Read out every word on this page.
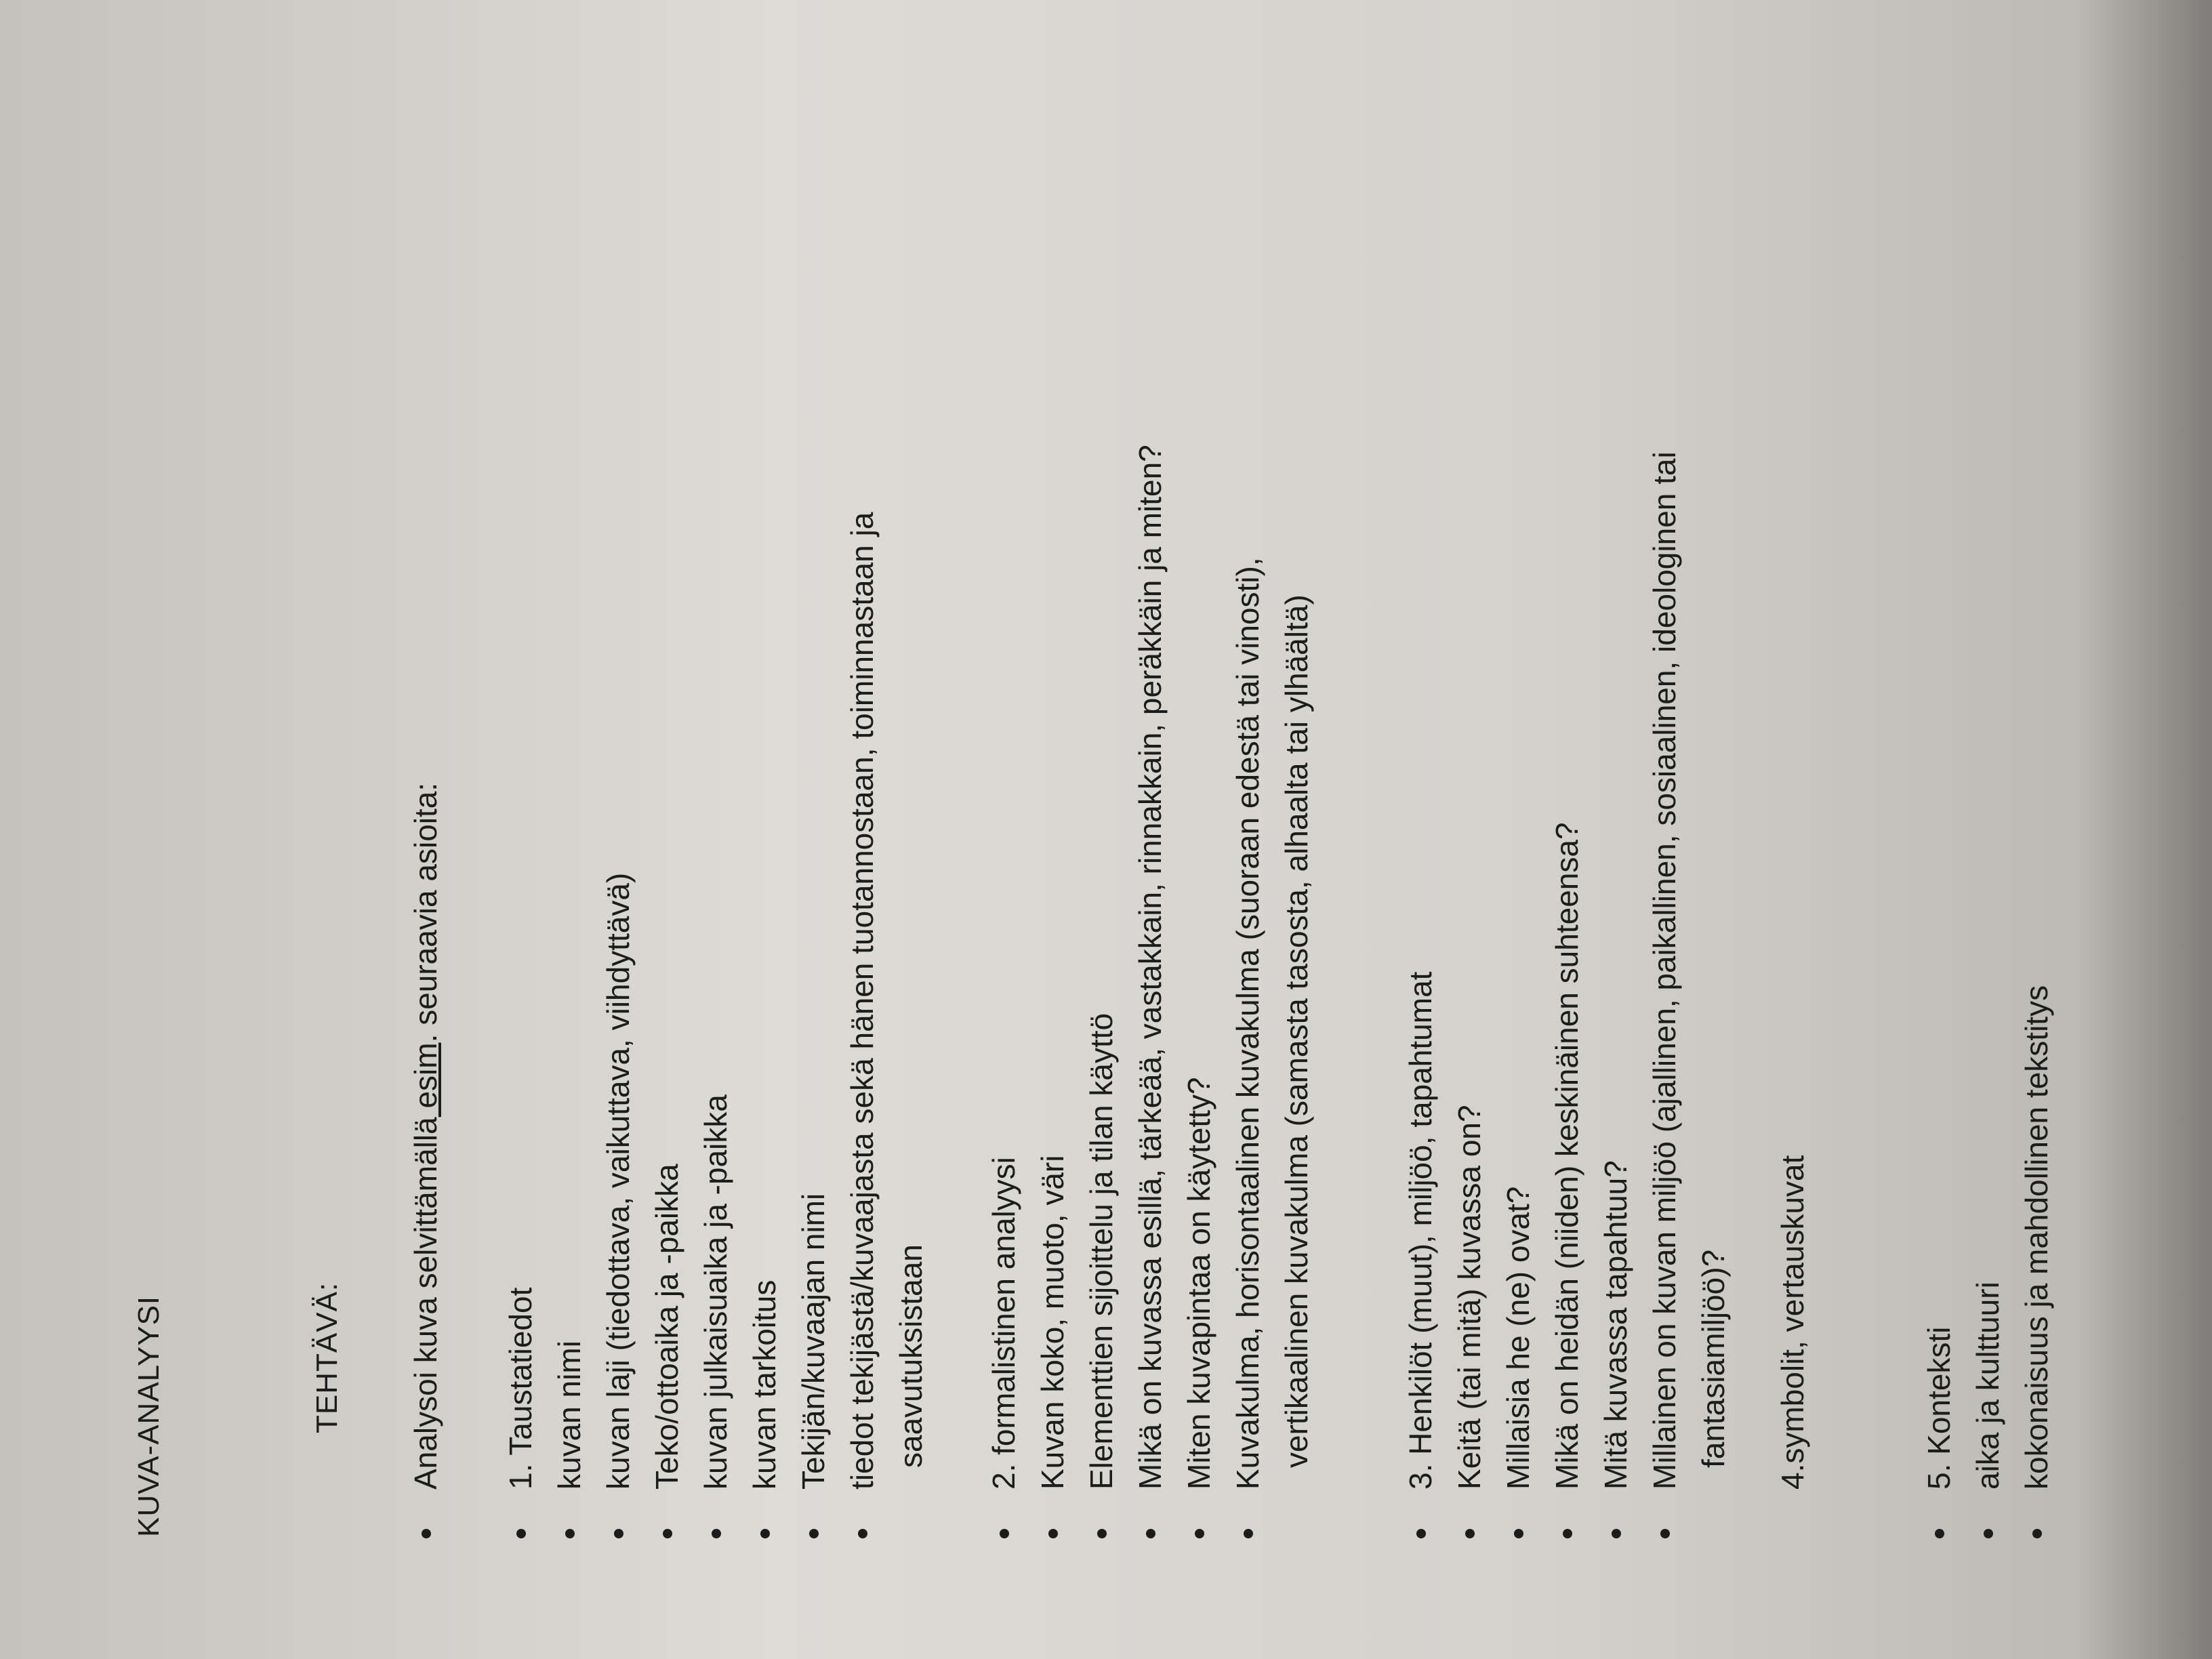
KUVA-ANALYYSI	TEHTÄVÄ: Analysoi kuva selvittämällä esim. seuraavia asioita:
1. Taustatiedot kuvan nimi kuvan laji (tiedottava, vaikuttava, viihdyttävä) Teko/ottoaika ja -paikka kuvan julkaisuaika ja -paikka kuvan tarkoitus Tekijän/kuvaajan nimi tiedot tekijästä/kuvaajasta sekä hänen tuotannostaan, toiminnastaan ja saavutuksistaan 2. formalistinen analyysi Kuvan koko, muoto, väri Elementtien sijoittelu ja tilan käyttö Mikä on kuvassa esillä, tärkeää, vastakkain, rinnakkain, peräkkäin ja miten? Miten kuvapintaa on käytetty? Kuvakulma, horisontaalinen kuvakulma (suoraan edestä tai vinosti), vertikaalinen kuvakulma (samasta tasosta, alhaalta tai ylhäältä)	3. Henkilöt (muut), miljöö, tapahtumat Keitä (tai mitä) kuvassa on? Millaisia he (ne) ovat? Mikä on heidän (niiden) keskinäinen suhteensa? Mitä kuvassa tapahtuu? Millainen on kuvan miljöö (ajallinen, paikallinen, sosiaalinen, ideologinen tai fantasiamiljöö)? 4.symbolit, vertauskuvat	5. Konteksti aika ja kulttuuri kokonaisuus ja mahdollinen tekstitys
